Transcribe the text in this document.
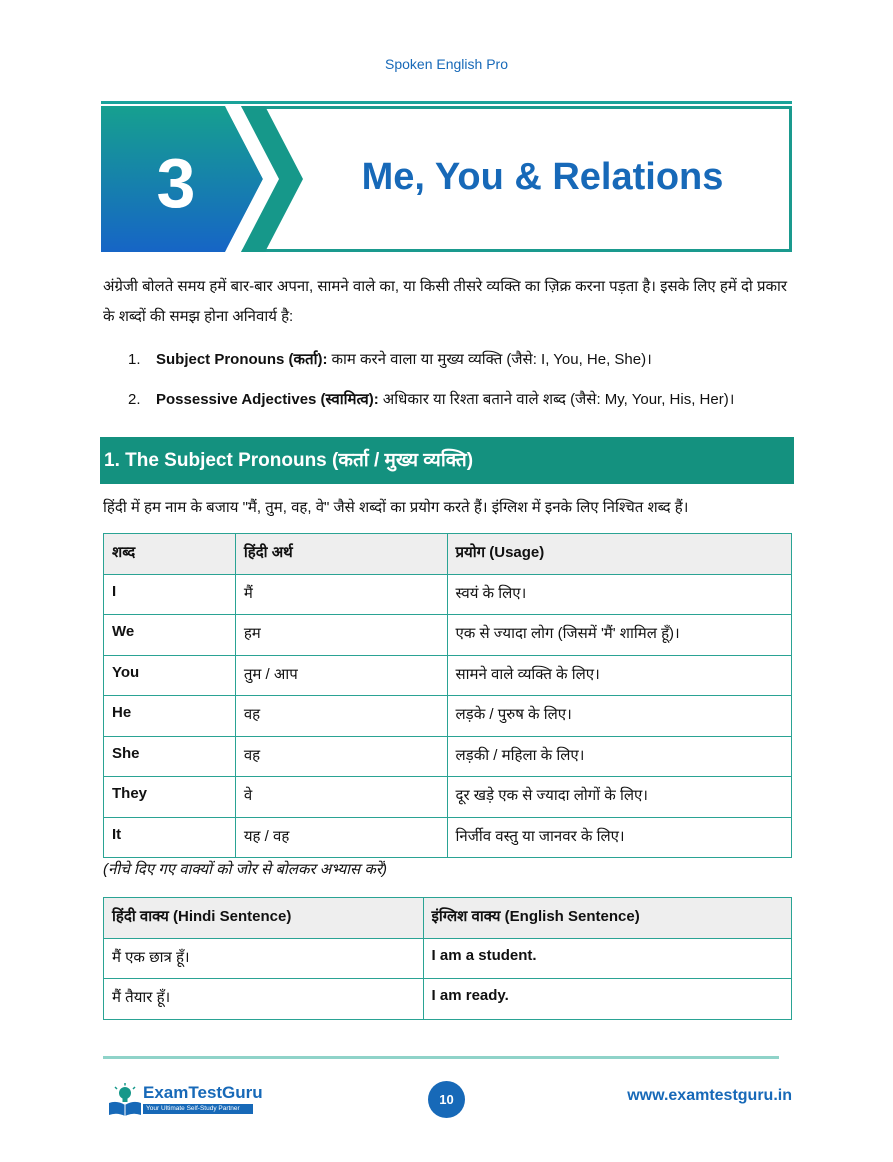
Spoken English Pro
3	Me, You & Relations

अंग्रेजी बोलते समय हमें बार-बार अपना, सामने वाले का, या किसी तीसरे व्यक्ति का ज़िक्र करना पड़ता है। इसके लिए हमें दो प्रकार के शब्दों की समझ होना अनिवार्य है:

1.	Subject Pronouns (कर्ता): काम करने वाला या मुख्य व्यक्ति (जैसे: I, You, He, She)।
2.	Possessive Adjectives (स्वामित्व): अधिकार या रिश्ता बताने वाले शब्द (जैसे: My, Your, His, Her)।
1. The Subject Pronouns (कर्ता / मुख्य व्यक्ति)

हिंदी में हम नाम के बजाय "मैं, तुम, वह, वे" जैसे शब्दों का प्रयोग करते हैं। इंग्लिश में इनके लिए निश्चित शब्द हैं।

शब्द	हिंदी अर्थ	प्रयोग (Usage)
I	मैं	स्वयं के लिए।
We	हम	एक से ज्यादा लोग (जिसमें 'मैं' शामिल हूँ)।
You	तुम / आप	सामने वाले व्यक्ति के लिए।
He	वह	लड़के / पुरुष के लिए।
She	वह	लड़की / महिला के लिए।
They	वे	दूर खड़े एक से ज्यादा लोगों के लिए।
It	यह / वह	निर्जीव वस्तु या जानवर के लिए।
(नीचे दिए गए वाक्यों को जोर से बोलकर अभ्यास करें)
हिंदी वाक्य (Hindi Sentence)	इंग्लिश वाक्य (English Sentence)
मैं एक छात्र हूँ।	I am a student.
मैं तैयार हूँ।	I am ready.
ExamTestGuru
Your Ultimate Self-Study Partner
10	www.examtestguru.in
